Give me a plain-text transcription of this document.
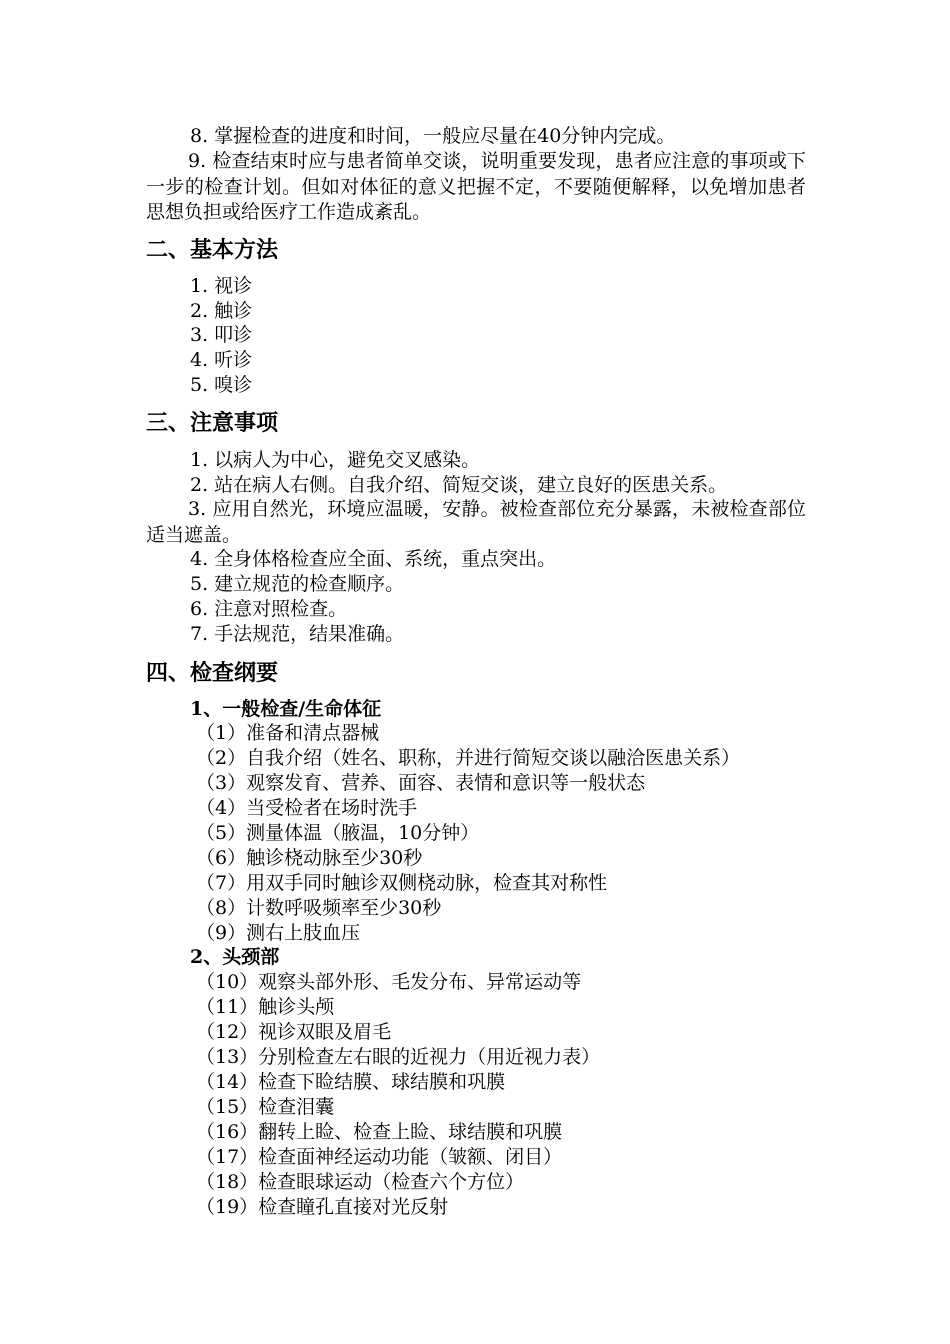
8. 掌握检查的进度和时间，一般应尽量在40分钟内完成。
9. 检查结束时应与患者简单交谈，说明重要发现，患者应注意的事项或下一步的检查计划。但如对体征的意义把握不定，不要随便解释，以免增加患者思想负担或给医疗工作造成紊乱。
二、基本方法
1. 视诊
2. 触诊
3. 叩诊
4. 听诊
5. 嗅诊
三、注意事项
1. 以病人为中心，避免交叉感染。
2. 站在病人右侧。自我介绍、简短交谈，建立良好的医患关系。
3. 应用自然光，环境应温暖，安静。被检查部位充分暴露，未被检查部位适当遮盖。
4. 全身体格检查应全面、系统，重点突出。
5. 建立规范的检查顺序。
6. 注意对照检查。
7. 手法规范，结果准确。
四、检查纲要
1、一般检查/生命体征
（1）准备和清点器械
（2）自我介绍（姓名、职称，并进行简短交谈以融洽医患关系）
（3）观察发育、营养、面容、表情和意识等一般状态
（4）当受检者在场时洗手
（5）测量体温（腋温，10分钟）
（6）触诊桡动脉至少30秒
（7）用双手同时触诊双侧桡动脉，检查其对称性
（8）计数呼吸频率至少30秒
（9）测右上肢血压
2、头颈部
（10）观察头部外形、毛发分布、异常运动等
（11）触诊头颅
（12）视诊双眼及眉毛
（13）分别检查左右眼的近视力（用近视力表）
（14）检查下睑结膜、球结膜和巩膜
（15）检查泪囊
（16）翻转上睑、检查上睑、球结膜和巩膜
（17）检查面神经运动功能（皱额、闭目）
（18）检查眼球运动（检查六个方位）
（19）检查瞳孔直接对光反射
